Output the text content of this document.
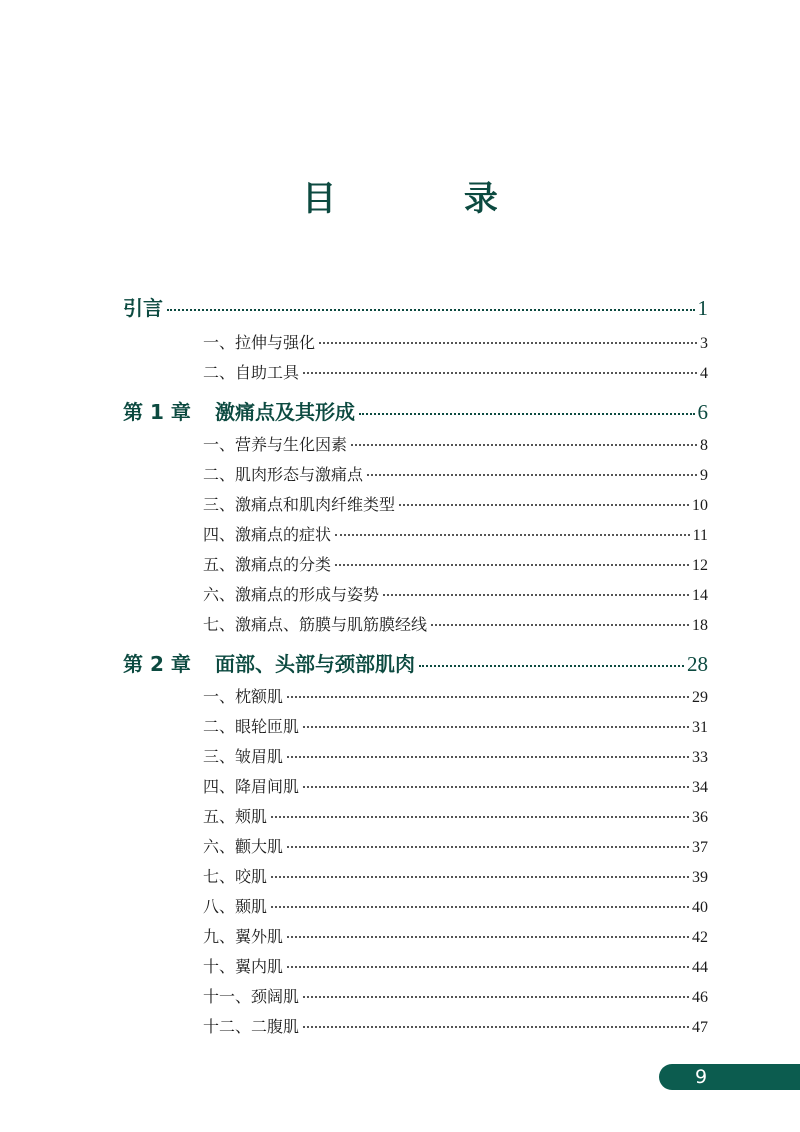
目 录
引言	1
一、拉伸与强化	3
二、自助工具	4
第 1 章 激痛点及其形成	6
一、营养与生化因素	8
二、肌肉形态与激痛点	9
三、激痛点和肌肉纤维类型	10
四、激痛点的症状	11
五、激痛点的分类	12
六、激痛点的形成与姿势	14
七、激痛点、筋膜与肌筋膜经线	18
第 2 章 面部、头部与颈部肌肉	28
一、枕额肌	29
二、眼轮匝肌	31
三、皱眉肌	33
四、降眉间肌	34
五、颊肌	36
六、颧大肌	37
七、咬肌	39
八、颞肌	40
九、翼外肌	42
十、翼内肌	44
十一、颈阔肌	46
十二、二腹肌	47
9
